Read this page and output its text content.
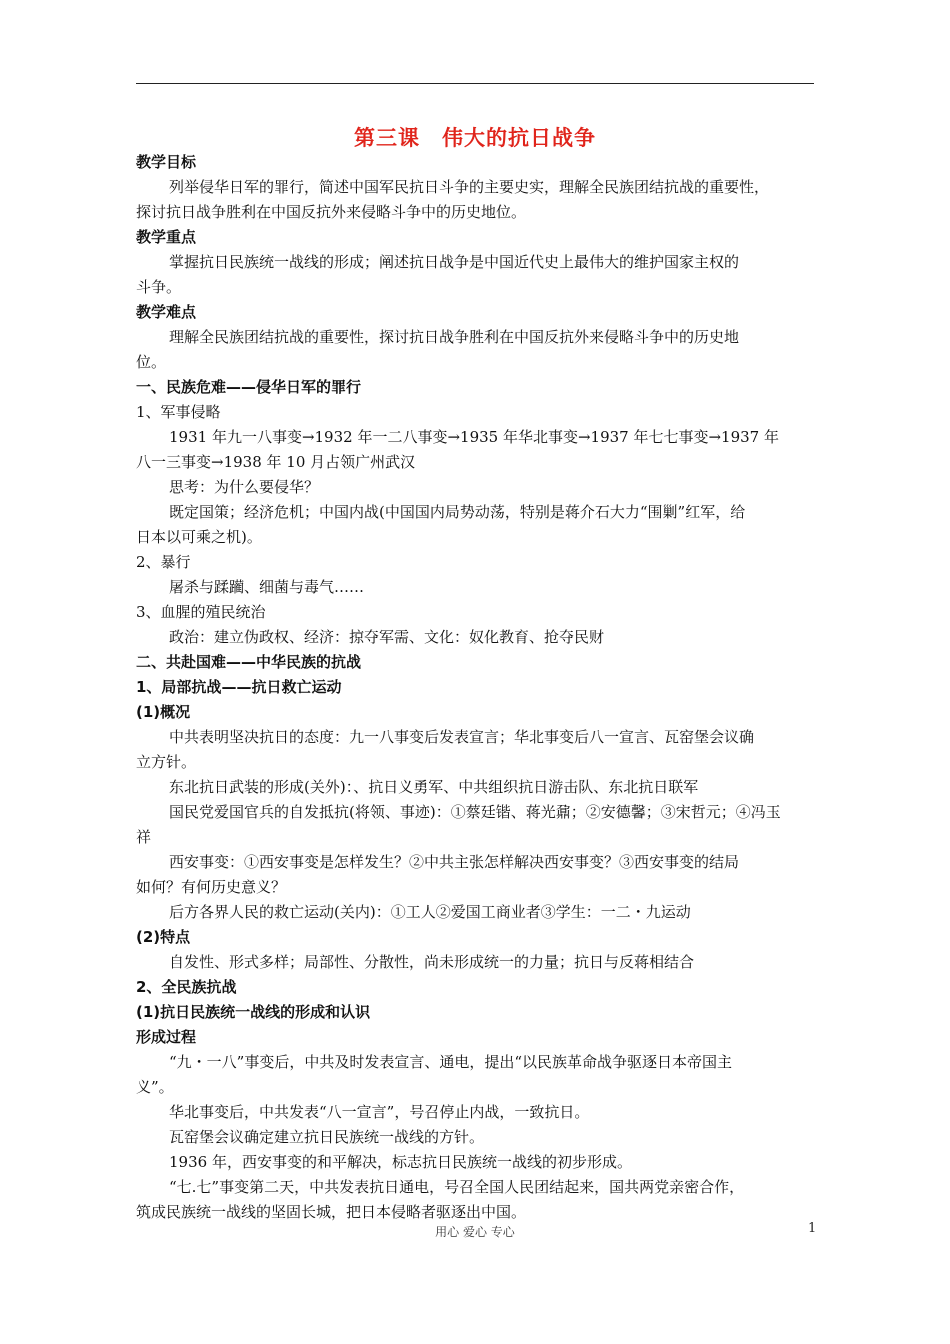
第三课　伟大的抗日战争
教学目标
列举侵华日军的罪行，简述中国军民抗日斗争的主要史实，理解全民族团结抗战的重要性，
探讨抗日战争胜利在中国反抗外来侵略斗争中的历史地位。
教学重点
掌握抗日民族统一战线的形成；阐述抗日战争是中国近代史上最伟大的维护国家主权的
斗争。
教学难点
理解全民族团结抗战的重要性，探讨抗日战争胜利在中国反抗外来侵略斗争中的历史地
位。
一、民族危难——侵华日军的罪行
1、军事侵略
1931 年九一八事变→1932 年一二八事变→1935 年华北事变→1937 年七七事变→1937 年
八一三事变→1938 年 10 月占领广州武汉
思考：为什么要侵华？
既定国策；经济危机；中国内战(中国国内局势动荡，特别是蒋介石大力“围剿”红军，给
日本以可乘之机)。
2、暴行
屠杀与蹂躏、细菌与毒气……
3、血腥的殖民统治
政治：建立伪政权、经济：掠夺军需、文化：奴化教育、抢夺民财
二、共赴国难——中华民族的抗战
1、局部抗战——抗日救亡运动
(1)概况
中共表明坚决抗日的态度：九一八事变后发表宣言；华北事变后八一宣言、瓦窑堡会议确
立方针。
东北抗日武装的形成(关外)：、抗日义勇军、中共组织抗日游击队、东北抗日联军
国民党爱国官兵的自发抵抗(将领、事迹)：①蔡廷锴、蒋光鼐；②安德馨；③宋哲元；④冯玉
祥
西安事变：①西安事变是怎样发生？②中共主张怎样解决西安事变？③西安事变的结局
如何？有何历史意义？
后方各界人民的救亡运动(关内)：①工人②爱国工商业者③学生：一二・九运动
(2)特点
自发性、形式多样；局部性、分散性，尚未形成统一的力量；抗日与反蒋相结合
2、全民族抗战
(1)抗日民族统一战线的形成和认识
形成过程
“九・一八”事变后，中共及时发表宣言、通电，提出“以民族革命战争驱逐日本帝国主
义”。
华北事变后，中共发表“八一宣言”，号召停止内战，一致抗日。
瓦窑堡会议确定建立抗日民族统一战线的方针。
1936 年，西安事变的和平解决，标志抗日民族统一战线的初步形成。
“七.七”事变第二天，中共发表抗日通电，号召全国人民团结起来，国共两党亲密合作，
筑成民族统一战线的坚固长城，把日本侵略者驱逐出中国。
用心 爱心 专心	1
